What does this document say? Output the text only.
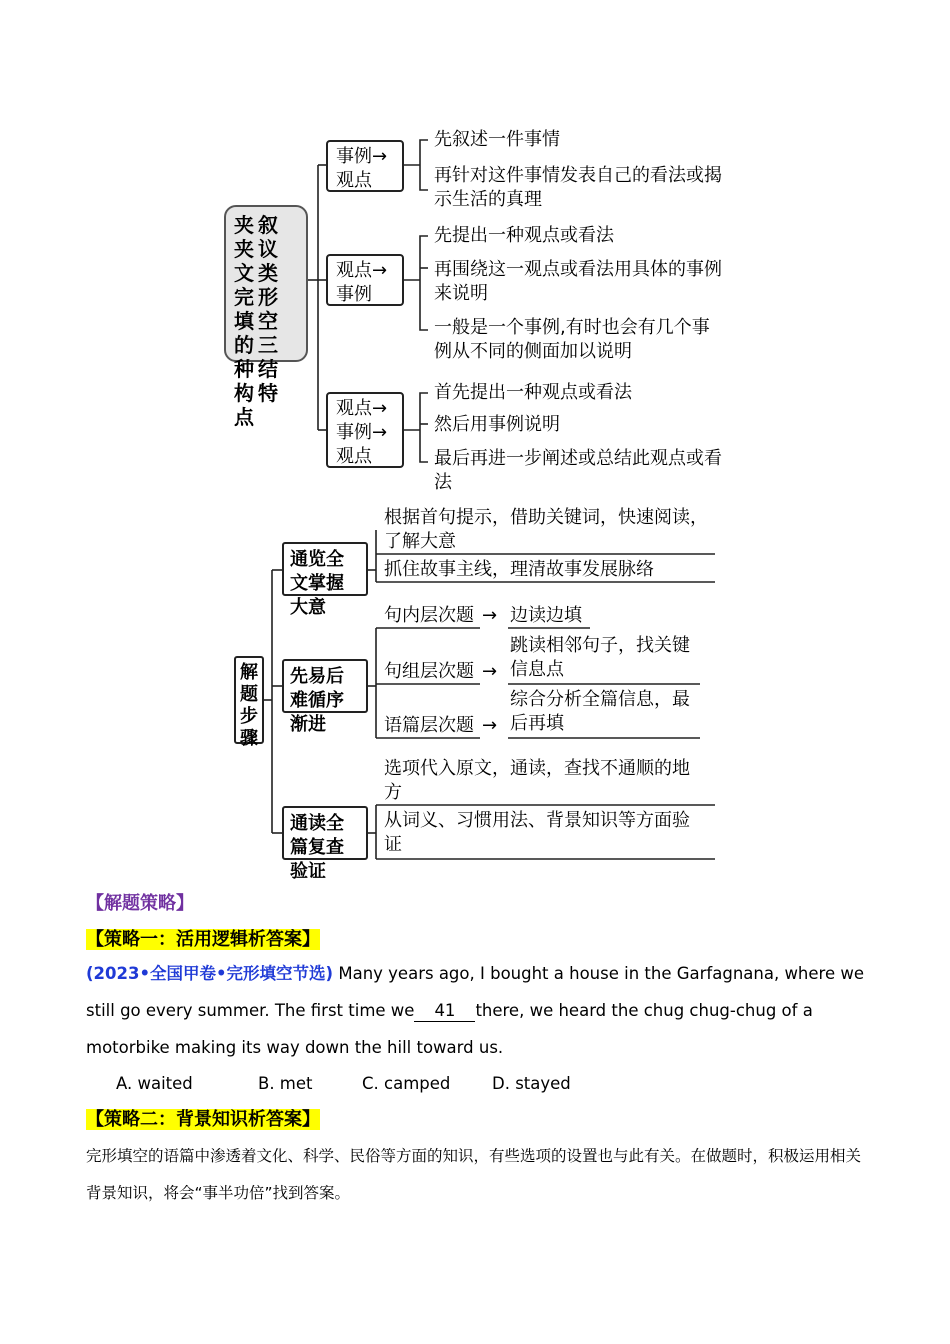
夹叙夹议文类完形填空的三种结构特点
事例→观点
观点→事例
观点→事例→观点
先叙述一件事情
再针对这件事情发表自己的看法或揭示生活的真理
先提出一种观点或看法
再围绕这一观点或看法用具体的事例来说明
一般是一个事例,有时也会有几个事例从不同的侧面加以说明
首先提出一种观点或看法
然后用事例说明
最后再进一步阐述或总结此观点或看法
解题步骤
通览全文掌握大意
先易后难循序渐进
通读全篇复查验证
根据首句提示，借助关键词，快速阅读，了解大意
抓住故事主线，理清故事发展脉络
句内层次题 → 边读边填
句组层次题 →
跳读相邻句子，找关键信息点
语篇层次题 →
综合分析全篇信息，最后再填
选项代入原文，通读，查找不通顺的地方
从词义、习惯用法、背景知识等方面验证
【解题策略】
【策略一：活用逻辑析答案】
(2023•全国甲卷•完形填空节选) Many years ago, I bought a house in the Garfagnana, where we still go every summer. The first time we 41 there, we heard the chug chug-chug of a motorbike making its way down the hill toward us.
A. waited	B. met	C. camped	D. stayed
【策略二：背景知识析答案】
完形填空的语篇中渗透着文化、科学、民俗等方面的知识，有些选项的设置也与此有关。在做题时，积极运用相关背景知识，将会“事半功倍”找到答案。
